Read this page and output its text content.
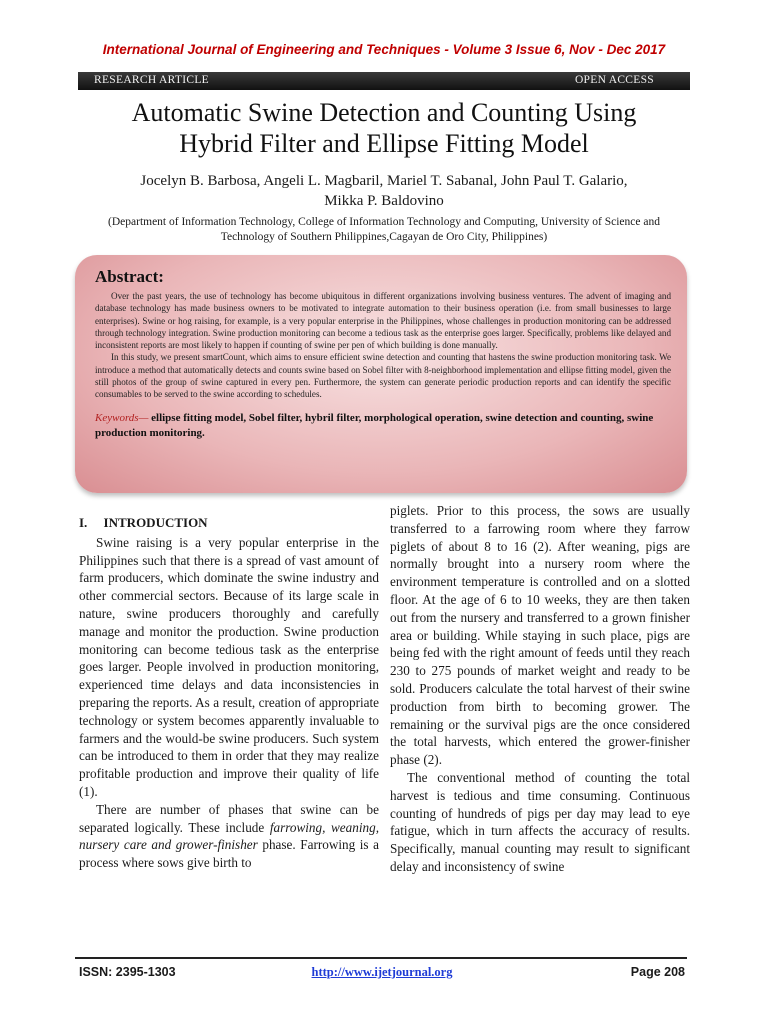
International Journal of Engineering and Techniques - Volume 3 Issue 6, Nov - Dec 2017
RESEARCH ARTICLE	OPEN ACCESS
Automatic Swine Detection and Counting Using
Hybrid Filter and Ellipse Fitting Model
Jocelyn B. Barbosa, Angeli L. Magbaril, Mariel T. Sabanal, John Paul T. Galario,
Mikka P. Baldovino
(Department of Information Technology, College of Information Technology and Computing, University of Science and
Technology of Southern Philippines,Cagayan de Oro City, Philippines)
Abstract:

Over the past years, the use of technology has become ubiquitous in different organizations involving business ventures. The advent of imaging and database technology has made business owners to be motivated to integrate automation to their business operation (i.e. from small businesses to large enterprises). Swine or hog raising, for example, is a very popular enterprise in the Philippines, whose challenges in production monitoring can be addressed through technology integration. Swine production monitoring can become a tedious task as the enterprise goes larger. Specifically, problems like delayed and inconsistent reports are most likely to happen if counting of swine per pen of which building is done manually.

In this study, we present smartCount, which aims to ensure efficient swine detection and counting that hastens the swine production monitoring task. We introduce a method that automatically detects and counts swine based on Sobel filter with 8-neighborhood implementation and ellipse fitting model, given the still photos of the group of swine captured in every pen. Furthermore, the system can generate periodic production reports and can identify the specific consumables to be served to the swine according to schedules.

Keywords— ellipse fitting model, Sobel filter, hybril filter, morphological operation, swine detection and counting, swine production monitoring.
I.     INTRODUCTION

Swine raising is a very popular enterprise in the Philippines such that there is a spread of vast amount of farm producers, which dominate the swine industry and other commercial sectors. Because of its large scale in nature, swine producers thoroughly and carefully manage and monitor the production. Swine production monitoring can become tedious task as the enterprise goes larger. People involved in production monitoring, experienced time delays and data inconsistencies in preparing the reports. As a result, creation of appropriate technology or system becomes apparently invaluable to farmers and the would-be swine producers. Such system can be introduced to them in order that they may realize profitable production and improve their quality of life (1).

There are number of phases that swine can be separated logically. These include farrowing, weaning, nursery care and grower-finisher phase. Farrowing is a process where sows give birth to

piglets. Prior to this process, the sows are usually transferred to a farrowing room where they farrow piglets of about 8 to 16 (2). After weaning, pigs are normally brought into a nursery room where the environment temperature is controlled and on a slotted floor. At the age of 6 to 10 weeks, they are then taken out from the nursery and transferred to a grown finisher area or building. While staying in such place, pigs are being fed with the right amount of feeds until they reach 230 to 275 pounds of market weight and ready to be sold. Producers calculate the total harvest of their swine production from birth to becoming grower. The remaining or the survival pigs are the once considered the total harvests, which entered the grower-finisher phase (2).

The conventional method of counting the total harvest is tedious and time consuming. Continuous counting of hundreds of pigs per day may lead to eye fatigue, which in turn affects the accuracy of results. Specifically, manual counting may result to significant delay and inconsistency of swine

ISSN: 2395-1303	http://www.ijetjournal.org	Page 208
